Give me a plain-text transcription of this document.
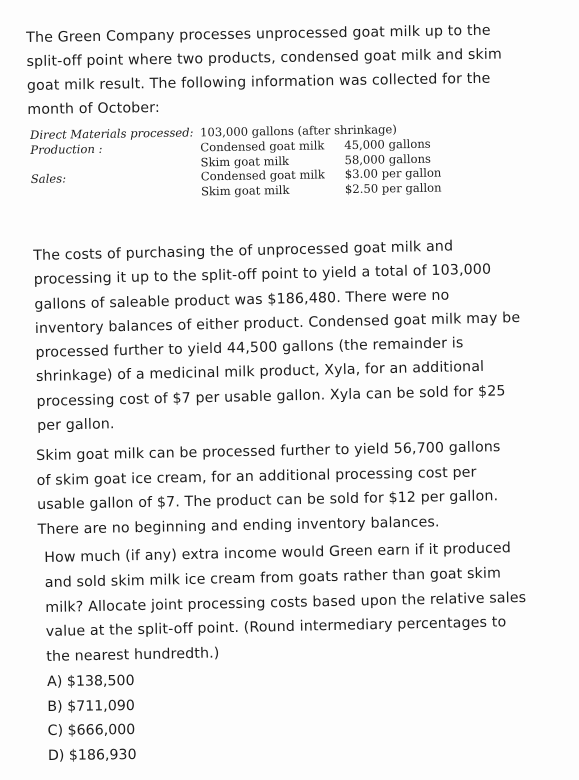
The Green Company processes unprocessed goat milk up to the
split-off point where two products, condensed goat milk and skim
goat milk result. The following information was collected for the
month of October:
Direct Materials processed: 103,000 gallons (after shrinkage)
Production :	Condensed goat milk 45,000 gallons
Skim goat milk	58,000 gallons
Sales:	Condensed goat milk $3.00 per gallon
Skim goat milk	$2.50 per gallon
The costs of purchasing the of unprocessed goat milk and
processing it up to the split-off point to yield a total of 103,000
gallons of saleable product was $186,480. There were no
inventory balances of either product. Condensed goat milk may be
processed further to yield 44,500 gallons (the remainder is
shrinkage) of a medicinal milk product, Xyla, for an additional
processing cost of $7 per usable gallon. Xyla can be sold for $25
per gallon.
Skim goat milk can be processed further to yield 56,700 gallons
of skim goat ice cream, for an additional processing cost per
usable gallon of $7. The product can be sold for $12 per gallon.
There are no beginning and ending inventory balances.
How much (if any) extra income would Green earn if it produced
and sold skim milk ice cream from goats rather than goat skim
milk? Allocate joint processing costs based upon the relative sales
value at the split-off point. (Round intermediary percentages to
the nearest hundredth.)
A) $138,500
B) $711,090
C) $666,000
D) $186,930
